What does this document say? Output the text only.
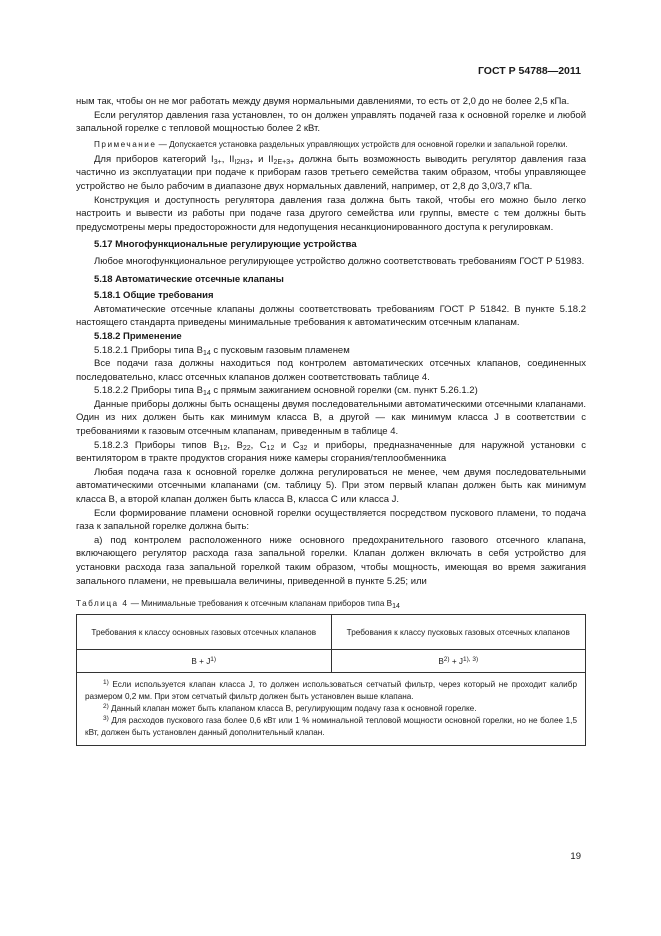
ГОСТ Р 54788—2011

ным так, чтобы он не мог работать между двумя нормальными давлениями, то есть от 2,0 до не более 2,5 кПа.

Если регулятор давления газа установлен, то он должен управлять подачей газа к основной горелке и любой запальной горелке с тепловой мощностью более 2 кВт.

Примечание — Допускается установка раздельных управляющих устройств для основной горелки и запальной горелки.

Для приборов категорий $I_{3+}$, $II_{I2H3+}$ и $II_{2E+3+}$ должна быть возможность выводить регулятор давления газа частично из эксплуатации при подаче к приборам газов третьего семейства таким образом, чтобы управляющее устройство не было рабочим в диапазоне двух нормальных давлений, например, от 2,8 до 3,0/3,7 кПа.

Конструкция и доступность регулятора давления газа должна быть такой, чтобы его можно было легко настроить и вывести из работы при подаче газа другого семейства или группы, вместе с тем должны быть предусмотрены меры предосторожности для недопущения несанкционированного доступа к регулировкам.

5.17 Многофункциональные регулирующие устройства

Любое многофункциональное регулирующее устройство должно соответствовать требованиям ГОСТ Р 51983.

5.18 Автоматические отсечные клапаны
5.18.1 Общие требования

Автоматические отсечные клапаны должны соответствовать требованиям ГОСТ Р 51842. В пункте 5.18.2 настоящего стандарта приведены минимальные требования к автоматическим отсечным клапанам.

5.18.2 Применение

5.18.2.1 Приборы типа $B_{14}$ с пусковым газовым пламенем

Все подачи газа должны находиться под контролем автоматических отсечных клапанов, соединенных последовательно, класс отсечных клапанов должен соответствовать таблице 4.

5.18.2.2 Приборы типа $B_{14}$ с прямым зажиганием основной горелки (см. пункт 5.26.1.2)

Данные приборы должны быть оснащены двумя последовательными автоматическими отсечными клапанами. Один из них должен быть как минимум класса B, а другой — как минимум класса J в соответствии с требованиями к газовым отсечным клапанам, приведенным в таблице 4.

5.18.2.3 Приборы типов $B_{12}$, $B_{22}$, $C_{12}$ и $C_{32}$ и приборы, предназначенные для наружной установки с вентилятором в тракте продуктов сгорания ниже камеры сгорания/теплообменника

Любая подача газа к основной горелке должна регулироваться не менее, чем двумя последовательными автоматическими отсечными клапанами (см. таблицу 5). При этом первый клапан должен быть как минимум класса B, а второй клапан должен быть класса B, класса C или класса J.

Если формирование пламени основной горелки осуществляется посредством пускового пламени, то подача газа к запальной горелке должна быть:

а) под контролем расположенного ниже основного предохранительного газового отсечного клапана, включающего регулятор расхода газа запальной горелки. Клапан должен включать в себя устройство для установки расхода газа запальной горелкой таким образом, чтобы мощность, имеющая во время зажигания запального пламени, не превышала величины, приведенной в пункте 5.25; или

Таблица 4 — Минимальные требования к отсечным клапанам приборов типа $B_{14}$
Требования к классу основных газовых отсечных клапанов	Требования к классу пусковых газовых отсечных клапанов
$B + J^{1)}$	$B^{2)} + J^{1), 3)}$

$^{1)}$ Если используется клапан класса J, то должен использоваться сетчатый фильтр, через который не проходит калибр размером 0,2 мм. При этом сетчатый фильтр должен быть установлен выше клапана.

$^{2)}$ Данный клапан может быть клапаном класса B, регулирующим подачу газа к основной горелке.

$^{3)}$ Для расходов пускового газа более 0,6 кВт или 1 % номинальной тепловой мощности основной горелки, но не более 1,5 кВт, должен быть установлен данный дополнительный клапан.	

19
